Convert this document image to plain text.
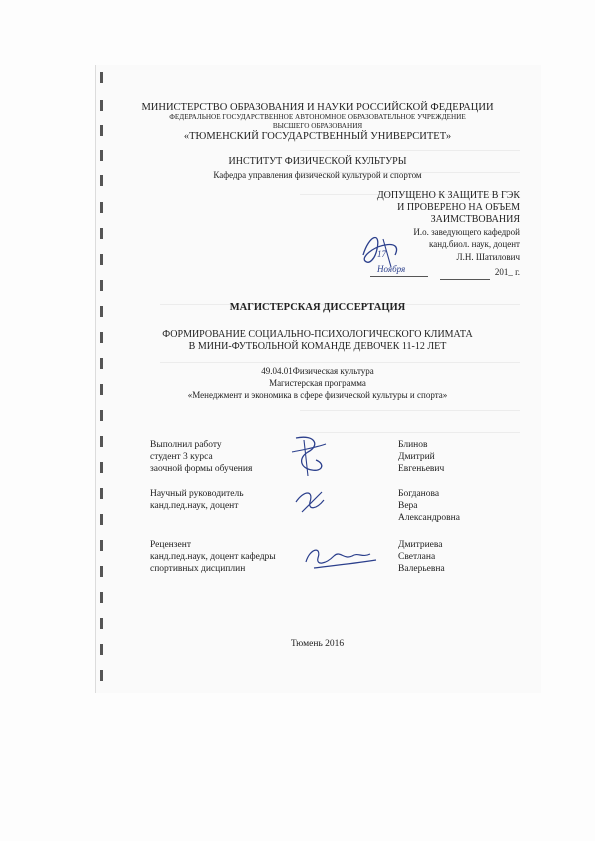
МИНИСТЕРСТВО ОБРАЗОВАНИЯ И НАУКИ РОССИЙСКОЙ ФЕДЕРАЦИИ
ФЕДЕРАЛЬНОЕ ГОСУДАРСТВЕННОЕ АВТОНОМНОЕ ОБРАЗОВАТЕЛЬНОЕ УЧРЕЖДЕНИЕ
ВЫСШЕГО ОБРАЗОВАНИЯ
«ТЮМЕНСКИЙ ГОСУДАРСТВЕННЫЙ УНИВЕРСИТЕТ»
ИНСТИТУТ ФИЗИЧЕСКОЙ КУЛЬТУРЫ
Кафедра управления физической культурой и спортом
ДОПУЩЕНО К ЗАЩИТЕ В ГЭК
И ПРОВЕРЕНО НА ОБЪЕМ
ЗАИМСТВОВАНИЯ
И.о. заведующего кафедрой
канд.биол. наук, доцент
Л.Н. Шатилович
201_ г.
17
Ноября
МАГИСТЕРСКАЯ ДИССЕРТАЦИЯ
ФОРМИРОВАНИЕ СОЦИАЛЬНО-ПСИХОЛОГИЧЕСКОГО КЛИМАТА
В МИНИ-ФУТБОЛЬНОЙ КОМАНДЕ ДЕВОЧЕК 11-12 ЛЕТ
49.04.01Физическая культура
Магистерская программа
«Менеджмент и экономика в сфере физической культуры и спорта»
Выполнил работу
студент 3 курса
заочной формы обучения
Блинов
Дмитрий
Евгеньевич
Научный руководитель
канд.пед.наук, доцент
Богданова
Вера
Александровна
Рецензент
канд.пед.наук, доцент кафедры
спортивных дисциплин
Дмитриева
Светлана
Валерьевна
Тюмень 2016
